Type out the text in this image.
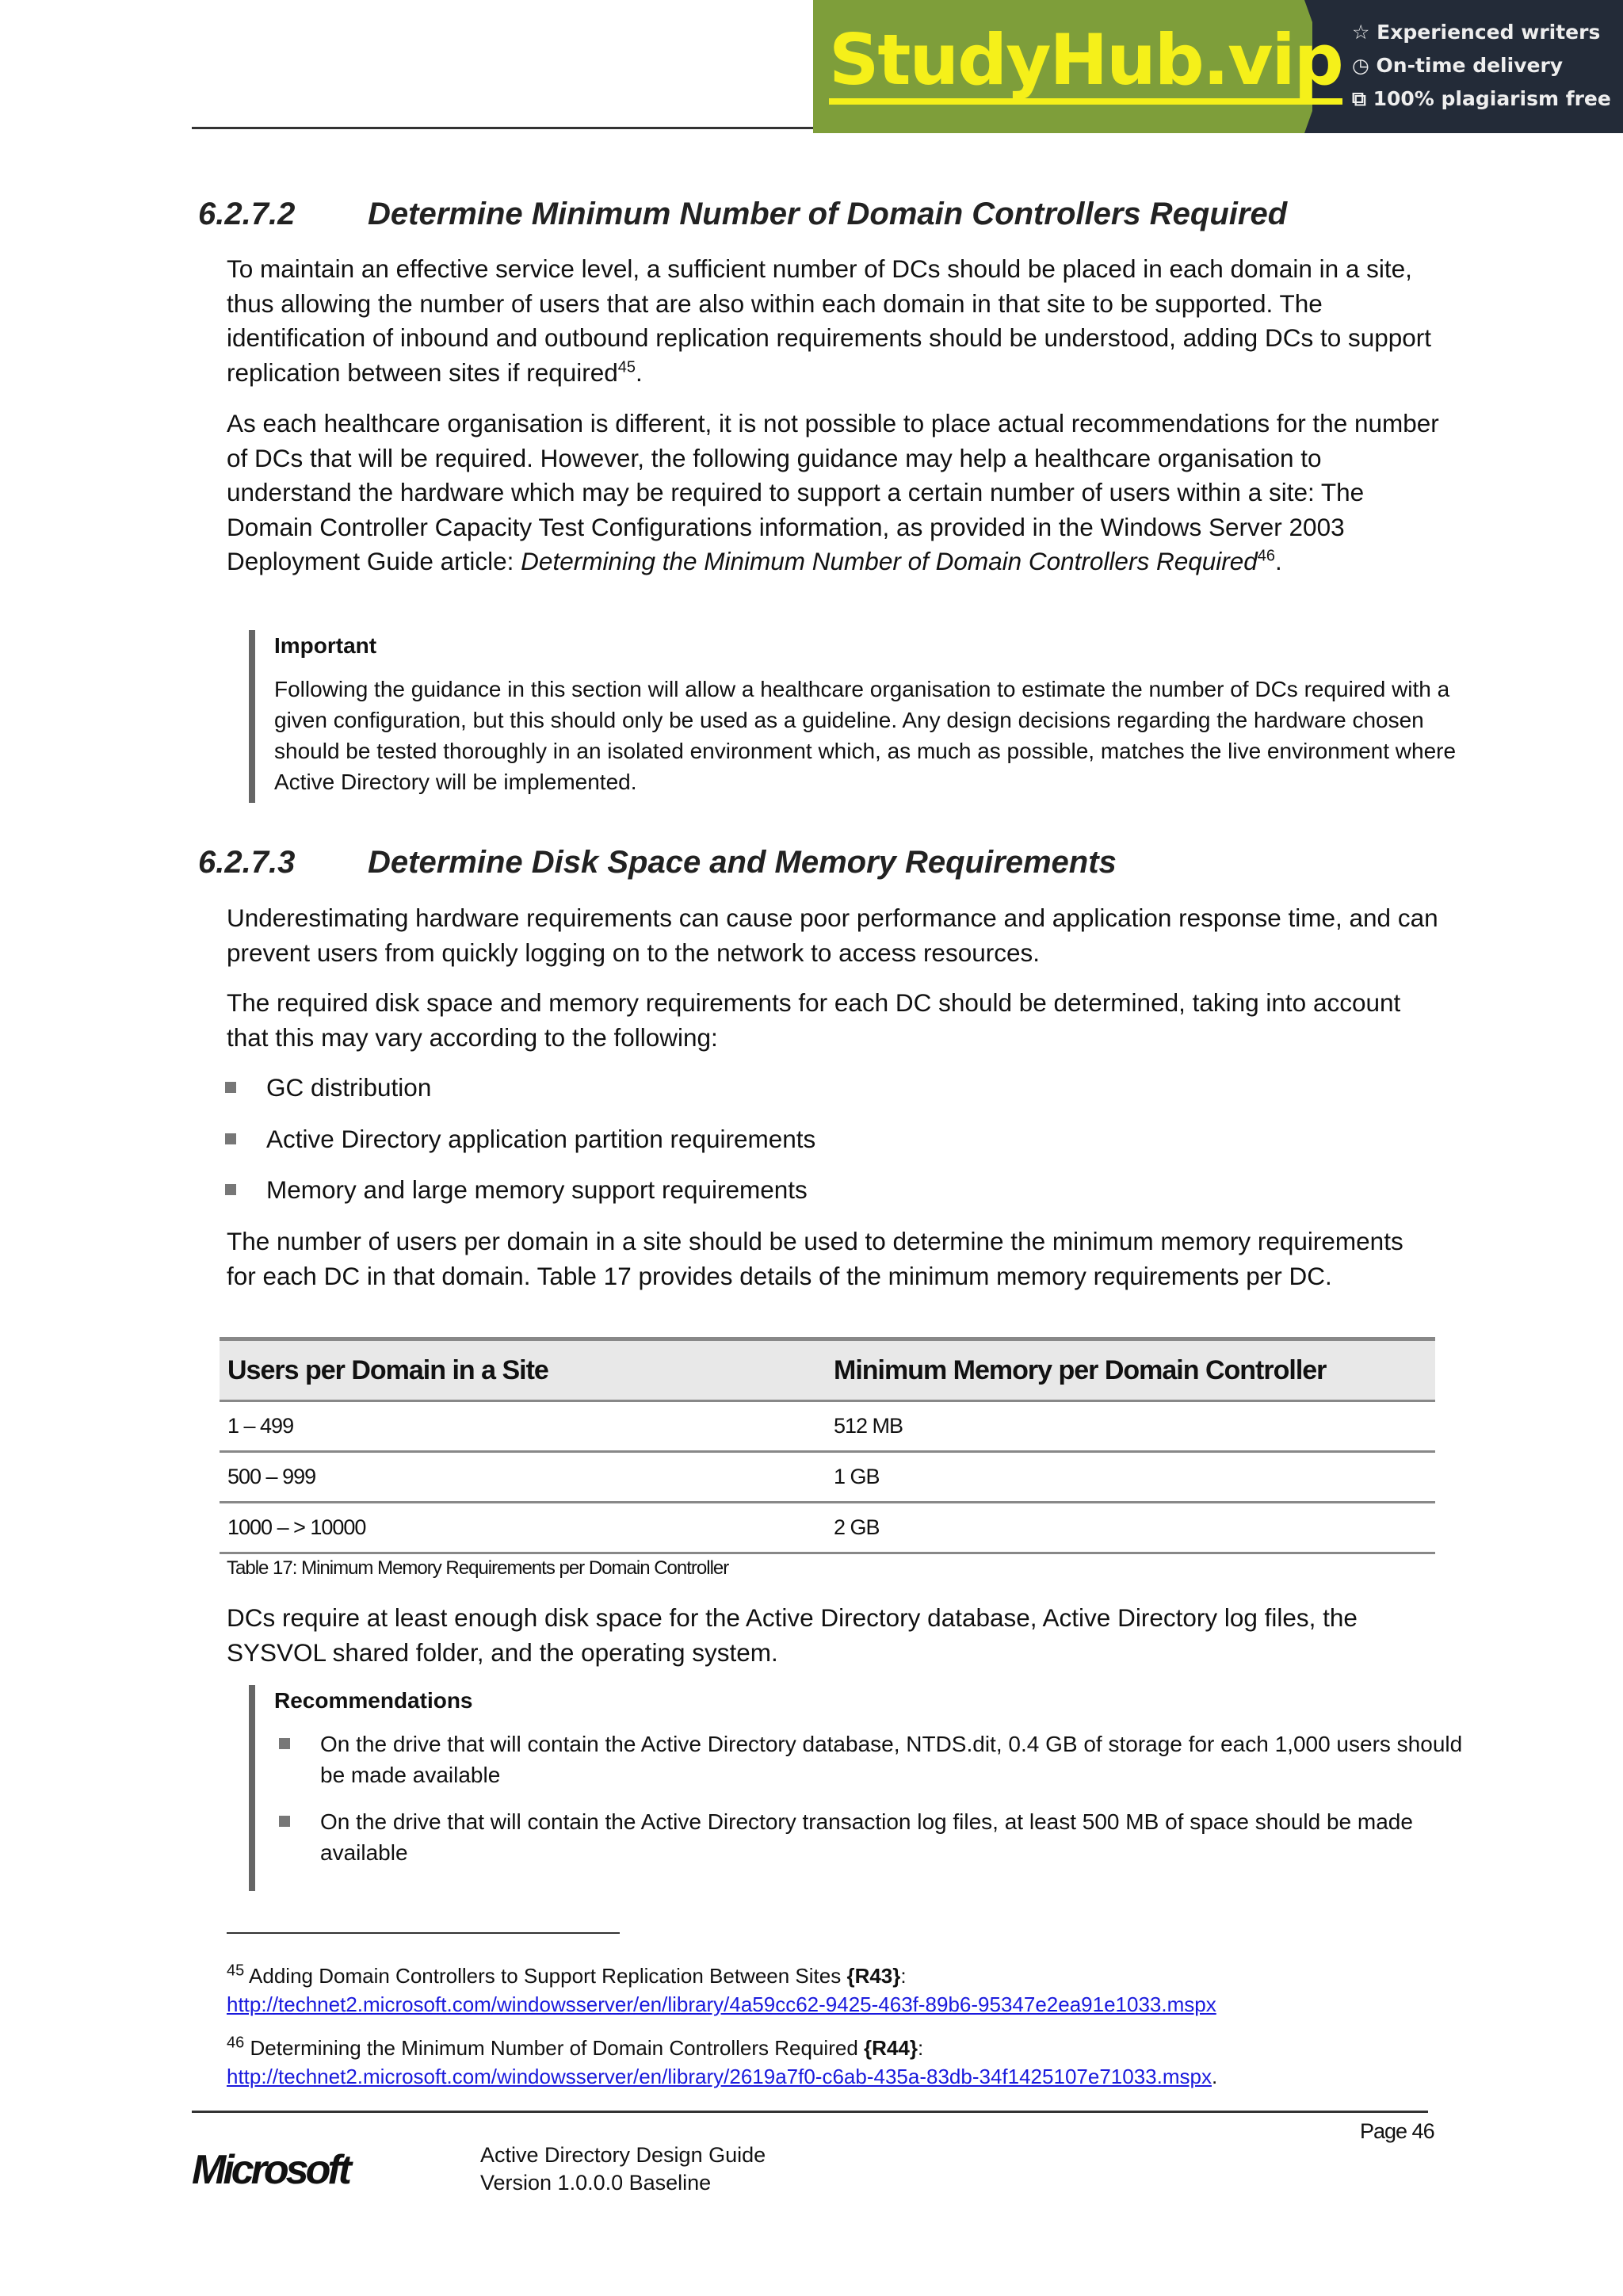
StudyHub.vip ☆ Experienced writers
◷ On-time delivery
⧉ 100% plagiarism free
6.2.7.2 Determine Minimum Number of Domain Controllers Required
To maintain an effective service level, a sufficient number of DCs should be placed in each domain in a site, thus allowing the number of users that are also within each domain in that site to be supported. The identification of inbound and outbound replication requirements should be understood, adding DCs to support replication between sites if required$^{45}$.
As each healthcare organisation is different, it is not possible to place actual recommendations for the number of DCs that will be required. However, the following guidance may help a healthcare organisation to understand the hardware which may be required to support a certain number of users within a site: The Domain Controller Capacity Test Configurations information, as provided in the Windows Server 2003 Deployment Guide article: Determining the Minimum Number of Domain Controllers Required$^{46}$.
Important
Following the guidance in this section will allow a healthcare organisation to estimate the number of DCs required with a given configuration, but this should only be used as a guideline. Any design decisions regarding the hardware chosen should be tested thoroughly in an isolated environment which, as much as possible, matches the live environment where Active Directory will be implemented.
6.2.7.3 Determine Disk Space and Memory Requirements
Underestimating hardware requirements can cause poor performance and application response time, and can prevent users from quickly logging on to the network to access resources.
The required disk space and memory requirements for each DC should be determined, taking into account that this may vary according to the following:
GC distribution
Active Directory application partition requirements
Memory and large memory support requirements
The number of users per domain in a site should be used to determine the minimum memory requirements for each DC in that domain. Table 17 provides details of the minimum memory requirements per DC.
Users per Domain in a Site	Minimum Memory per Domain Controller
1 – 499	512 MB
500 – 999	1 GB
1000 – > 10000	2 GB
Table 17: Minimum Memory Requirements per Domain Controller
DCs require at least enough disk space for the Active Directory database, Active Directory log files, the SYSVOL shared folder, and the operating system.
Recommendations
On the drive that will contain the Active Directory database, NTDS.dit, 0.4 GB of storage for each 1,000 users should be made available
On the drive that will contain the Active Directory transaction log files, at least 500 MB of space should be made available
$^{45}$ Adding Domain Controllers to Support Replication Between Sites {R43}:
http://technet2.microsoft.com/windowsserver/en/library/4a59cc62-9425-463f-89b6-95347e2ea91e1033.mspx
$^{46}$ Determining the Minimum Number of Domain Controllers Required {R44}:
http://technet2.microsoft.com/windowsserver/en/library/2619a7f0-c6ab-435a-83db-34f1425107e71033.mspx.
Page 46
Microsoft	Active Directory Design Guide
Version 1.0.0.0 Baseline
